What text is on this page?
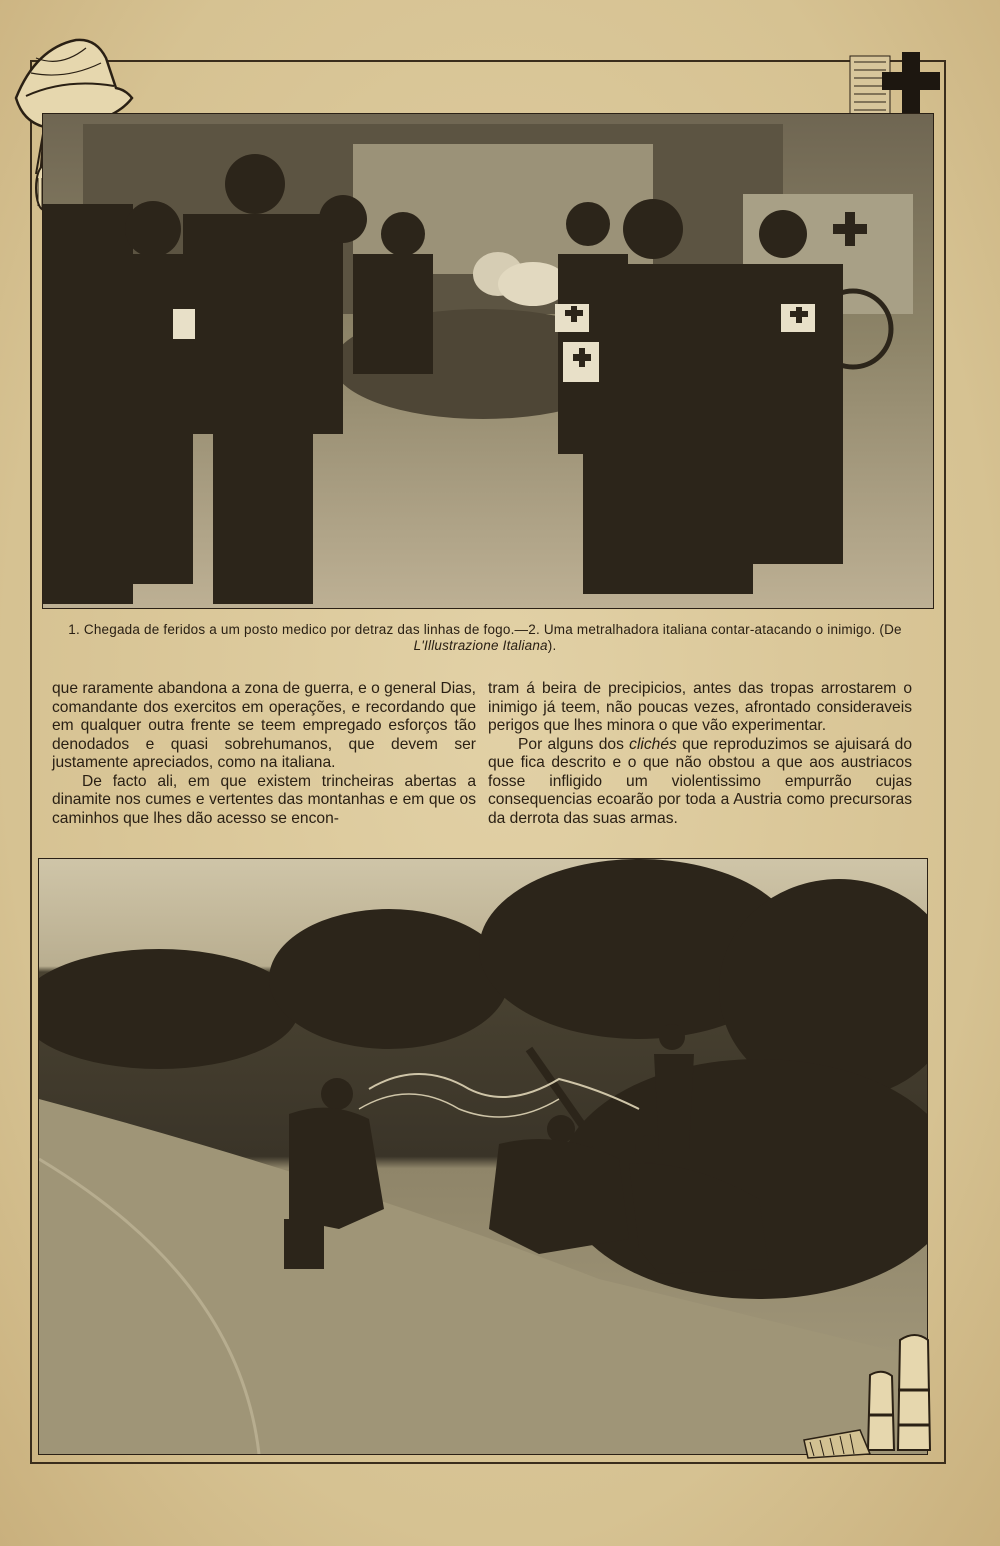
1. Chegada de feridos a um posto medico por detraz das linhas de fogo.—2. Uma metralhadora italiana contar-atacando o inimigo. (De L'Illustrazione Italiana).

que raramente abandona a zona de guerra, e o general Dias, comandante dos exercitos em operações, e recordando que em qualquer outra frente se teem empregado esforços tão denodados e quasi sobrehumanos, que devem ser justamente apreciados, como na italiana.

De facto ali, em que existem trincheiras abertas a dinamite nos cumes e vertentes das montanhas e em que os caminhos que lhes dão acesso se encon-

tram á beira de precipicios, antes das tropas arrostarem o inimigo já teem, não poucas vezes, afrontado consideraveis perigos que lhes minora o que vão experimentar.

Por alguns dos clichés que reproduzimos se ajuisará do que fica descrito e o que não obstou a que aos austriacos fosse infligido um violentissimo empurrão cujas consequencias ecoarão por toda a Austria como precursoras da derrota das suas armas.
